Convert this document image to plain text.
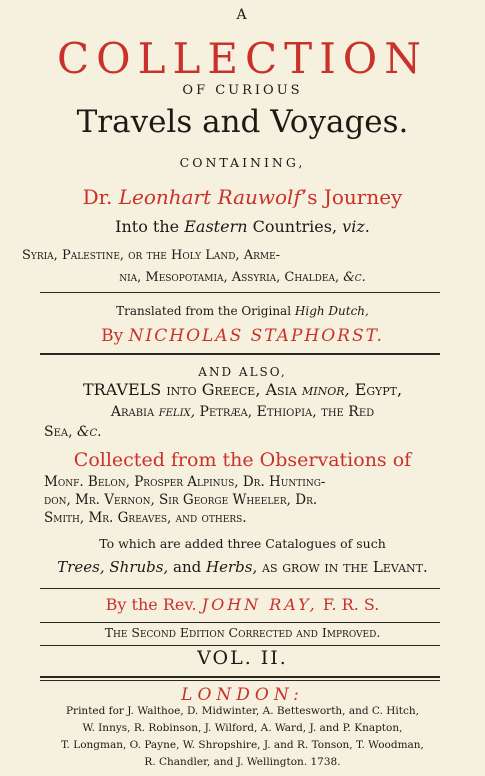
A
COLLECTION
OF CURIOUS
Travels and Voyages.
CONTAINING,
Dr. Leonhart Rauwolf’s Journey
Into the Eastern Countries, viz.
Syria, Palestine, or the Holy Land, Arme-
nia, Mesopotamia, Assyria, Chaldea, &c.
Translated from the Original High Dutch,
By NICHOLAS STAPHORST.
AND ALSO,
TRAVELS into Greece, Asia minor, Egypt,
Arabia felix, Petræa, Ethiopia, the Red
Sea, &c.
Collected from the Observations of
Monf. Belon, Prosper Alpinus, Dr. Hunting-
don, Mr. Vernon, Sir George Wheeler, Dr.
Smith, Mr. Greaves, and others.
To which are added three Catalogues of such
Trees, Shrubs, and Herbs, as grow in the Levant.
By the Rev. JOHN RAY, F. R. S.
The Second Edition Corrected and Improved.
VOL. II.
LONDON:
Printed for J. Walthoe, D. Midwinter, A. Bettesworth, and C. Hitch,
W. Innys, R. Robinson, J. Wilford, A. Ward, J. and P. Knapton,
T. Longman, O. Payne, W. Shropshire, J. and R. Tonson, T. Woodman,
R. Chandler, and J. Wellington. 1738.
